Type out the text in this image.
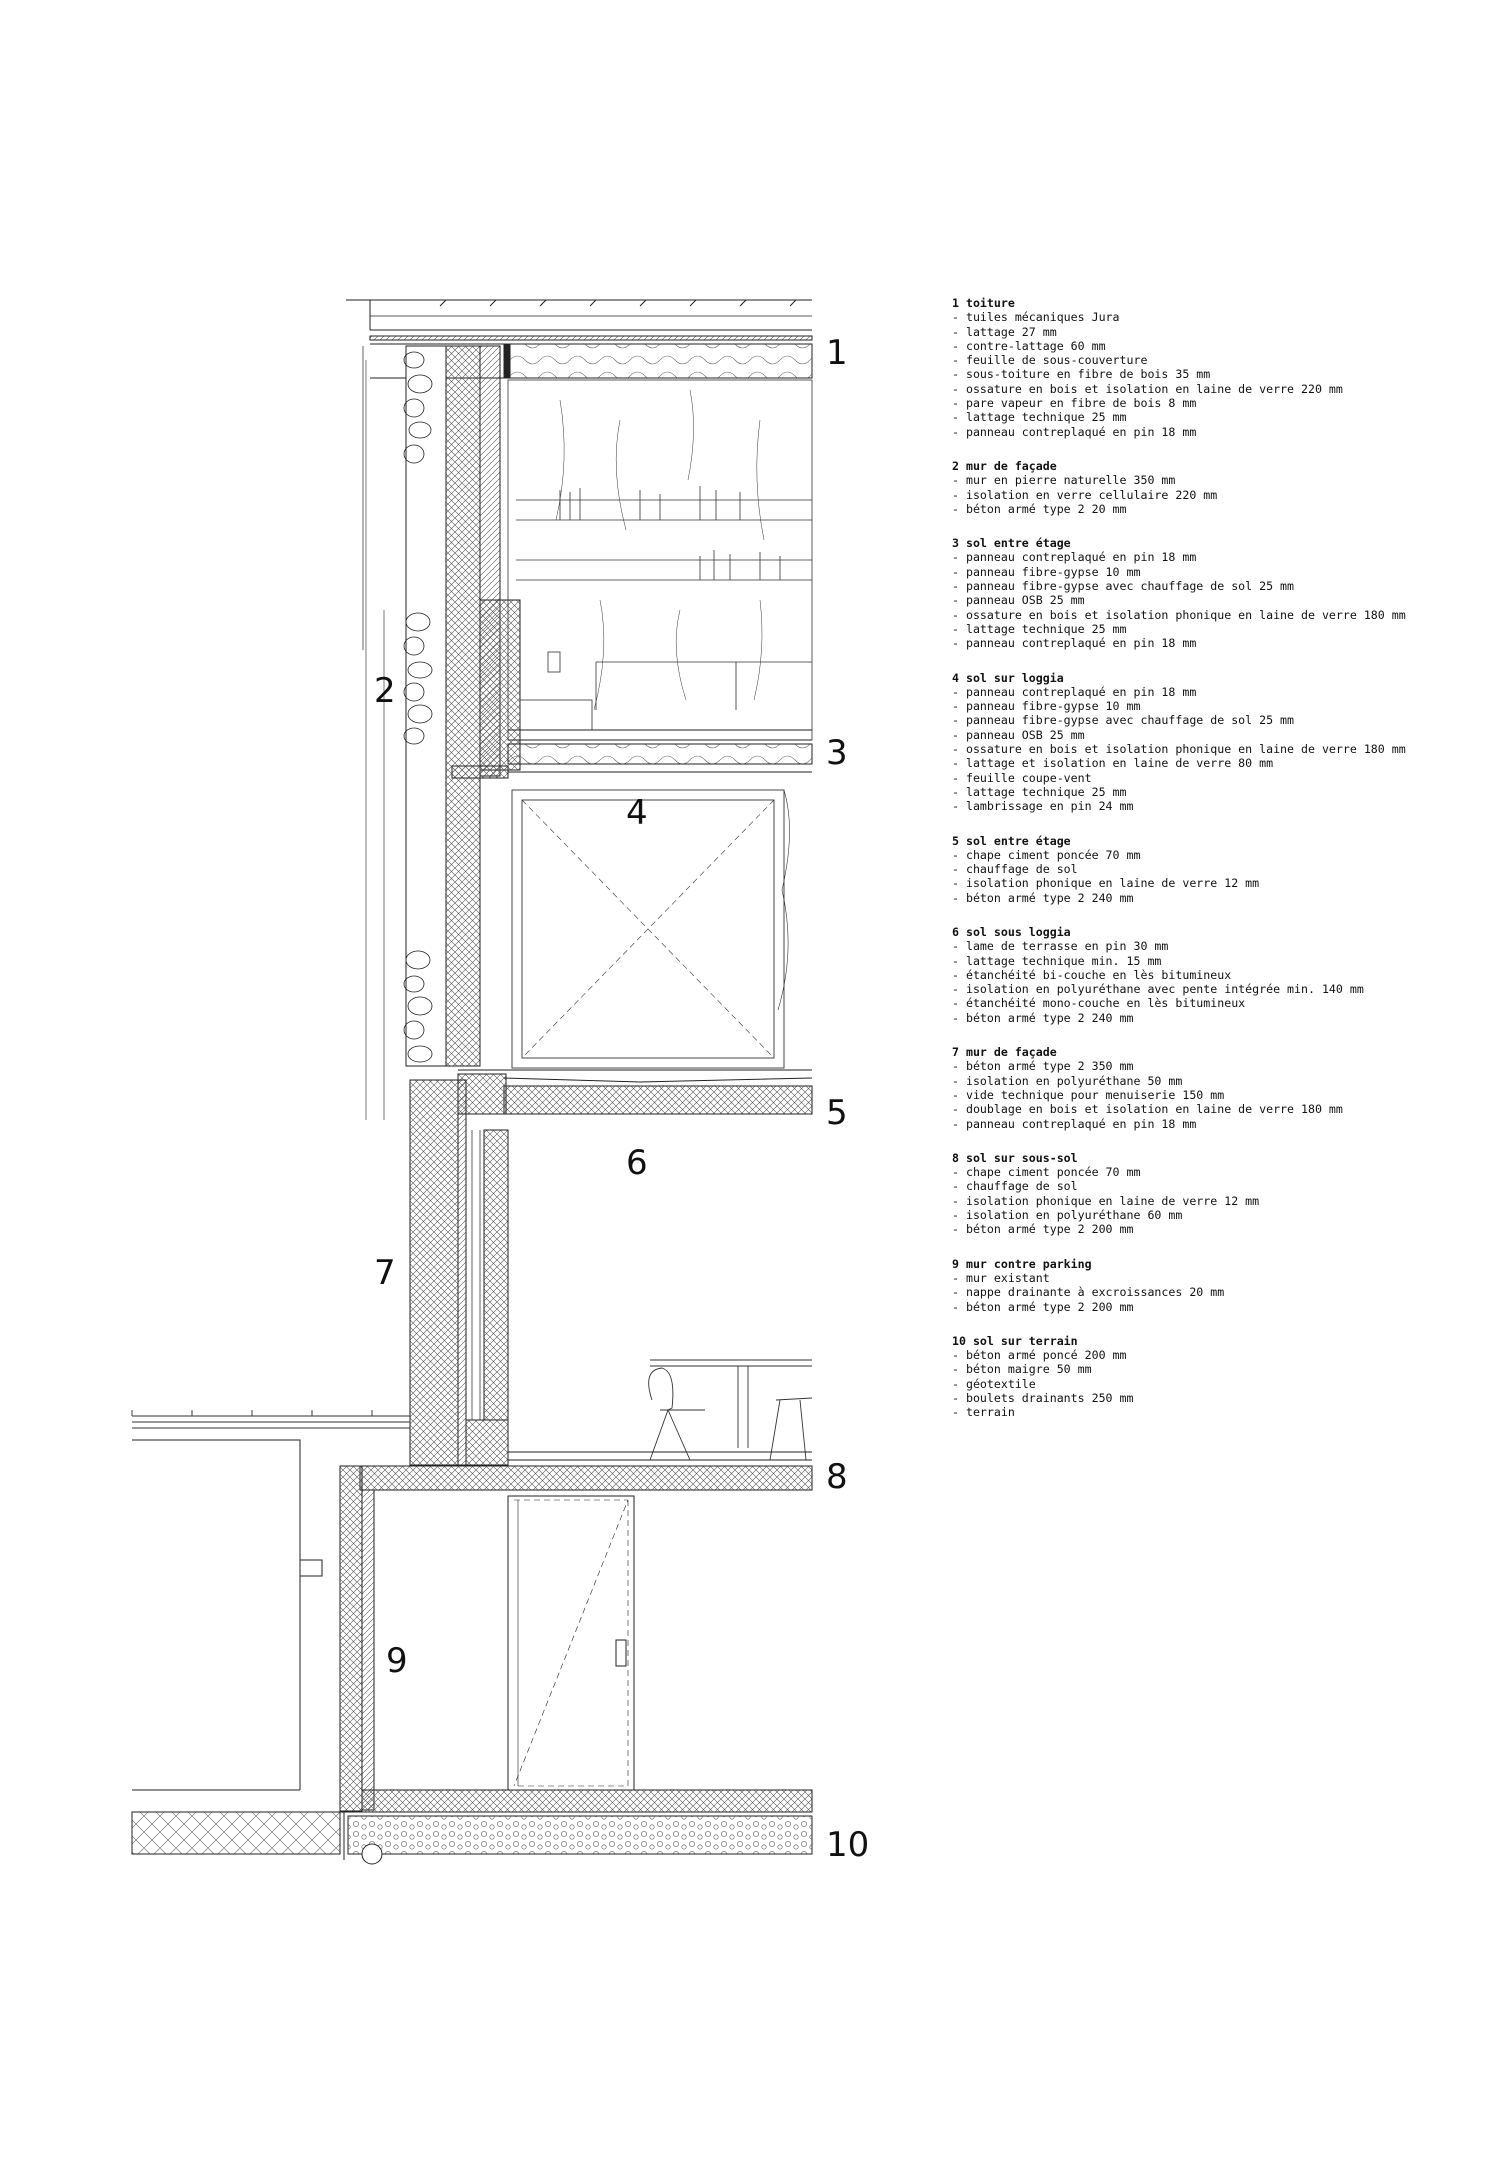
1
2
3
4
5
6
7
8
9
10
1 toiture
- tuiles mécaniques Jura
- lattage 27 mm
- contre-lattage 60 mm
- feuille de sous-couverture
- sous-toiture en fibre de bois 35 mm
- ossature en bois et isolation en laine de verre 220 mm
- pare vapeur en fibre de bois 8 mm
- lattage technique 25 mm
- panneau contreplaqué en pin 18 mm
2 mur de façade
- mur en pierre naturelle 350 mm
- isolation en verre cellulaire 220 mm
- béton armé type 2 20 mm
3 sol entre étage
- panneau contreplaqué en pin 18 mm
- panneau fibre-gypse 10 mm
- panneau fibre-gypse avec chauffage de sol 25 mm
- panneau OSB 25 mm
- ossature en bois et isolation phonique en laine de verre 180 mm
- lattage technique 25 mm
- panneau contreplaqué en pin 18 mm
4 sol sur loggia
- panneau contreplaqué en pin 18 mm
- panneau fibre-gypse 10 mm
- panneau fibre-gypse avec chauffage de sol 25 mm
- panneau OSB 25 mm
- ossature en bois et isolation phonique en laine de verre 180 mm
- lattage et isolation en laine de verre 80 mm
- feuille coupe-vent
- lattage technique 25 mm
- lambrissage en pin 24 mm
5 sol entre étage
- chape ciment poncée 70 mm
- chauffage de sol
- isolation phonique en laine de verre 12 mm
- béton armé type 2 240 mm
6 sol sous loggia
- lame de terrasse en pin 30 mm
- lattage technique min. 15 mm
- étanchéité bi-couche en lès bitumineux
- isolation en polyuréthane avec pente intégrée min. 140 mm
- étanchéité mono-couche en lès bitumineux
- béton armé type 2 240 mm
7 mur de façade
- béton armé type 2 350 mm
- isolation en polyuréthane 50 mm
- vide technique pour menuiserie 150 mm
- doublage en bois et isolation en laine de verre 180 mm
- panneau contreplaqué en pin 18 mm
8 sol sur sous-sol
- chape ciment poncée 70 mm
- chauffage de sol
- isolation phonique en laine de verre 12 mm
- isolation en polyuréthane 60 mm
- béton armé type 2 200 mm
9 mur contre parking
- mur existant
- nappe drainante à excroissances 20 mm
- béton armé type 2 200 mm
10 sol sur terrain
- béton armé poncé 200 mm
- béton maigre 50 mm
- géotextile
- boulets drainants 250 mm
- terrain
